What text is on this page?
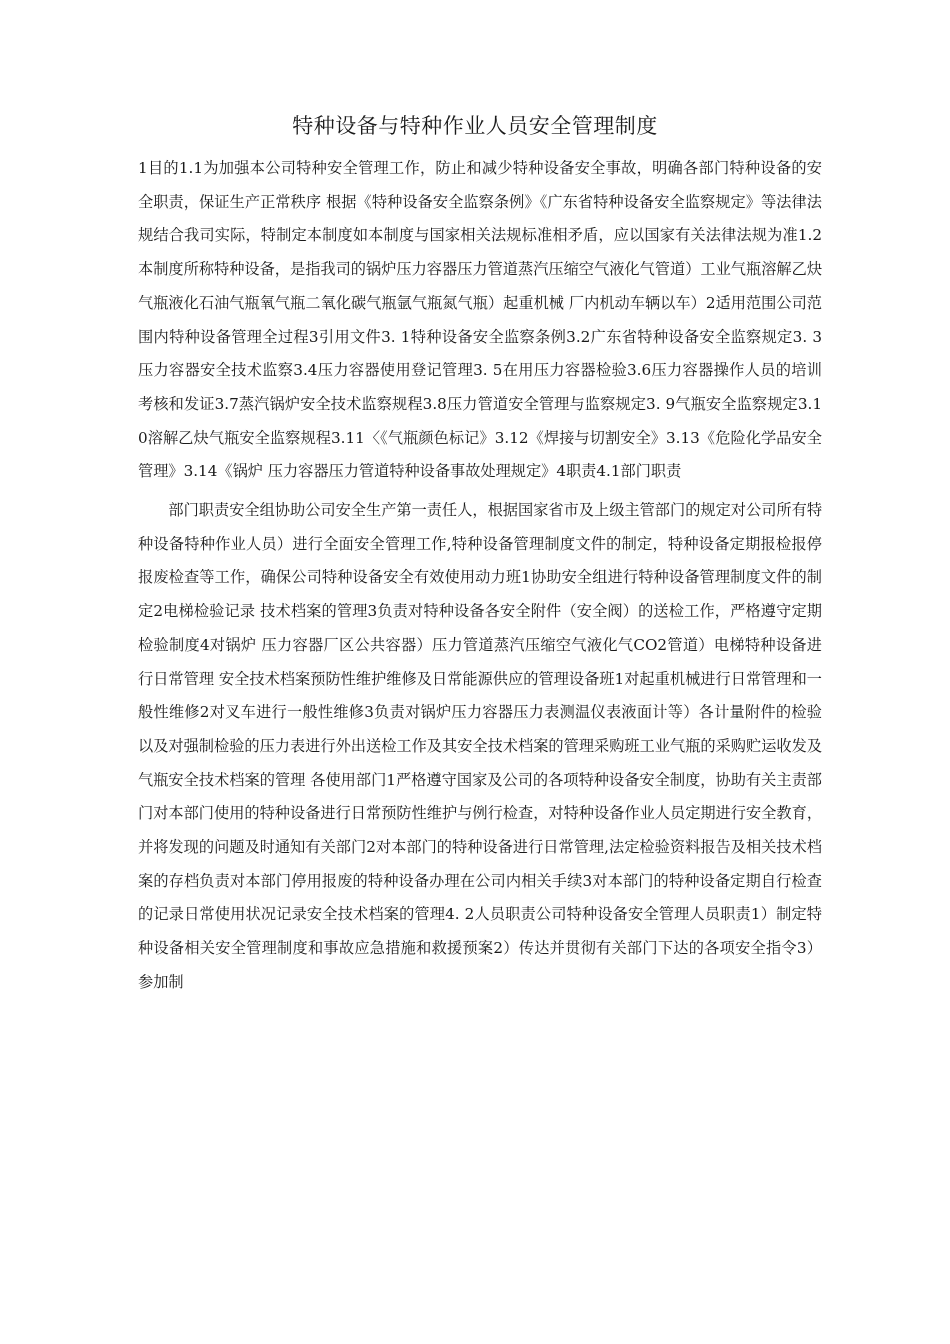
特种设备与特种作业人员安全管理制度

1目的1.1为加强本公司特种安全管理工作，防止和减少特种设备安全事故，明确各部门特种设备的安全职责，保证生产正常秩序 根据《特种设备安全监察条例》《广东省特种设备安全监察规定》等法律法规结合我司实际，特制定本制度如本制度与国家相关法规标准相矛盾，应以国家有关法律法规为准1.2本制度所称特种设备，是指我司的锅炉压力容器压力管道蒸汽压缩空气液化气管道）工业气瓶溶解乙炔气瓶液化石油气瓶氧气瓶二氧化碳气瓶氩气瓶氮气瓶）起重机械 厂内机动车辆以车）2适用范围公司范围内特种设备管理全过程3引用文件3. 1特种设备安全监察条例3.2广东省特种设备安全监察规定3. 3压力容器安全技术监察3.4压力容器使用登记管理3. 5在用压力容器检验3.6压力容器操作人员的培训考核和发证3.7蒸汽锅炉安全技术监察规程3.8压力管道安全管理与监察规定3. 9气瓶安全监察规定3.10溶解乙炔气瓶安全监察规程3.11〈《气瓶颜色标记》3.12《焊接与切割安全》3.13《危险化学品安全管理》3.14《锅炉 压力容器压力管道特种设备事故处理规定》4职责4.1部门职责

部门职责安全组协助公司安全生产第一责任人，根据国家省市及上级主管部门的规定对公司所有特种设备特种作业人员）进行全面安全管理工作,特种设备管理制度文件的制定，特种设备定期报检报停报废检查等工作，确保公司特种设备安全有效使用动力班1协助安全组进行特种设备管理制度文件的制定2电梯检验记录 技术档案的管理3负责对特种设备各安全附件（安全阀）的送检工作，严格遵守定期检验制度4对锅炉 压力容器厂区公共容器）压力管道蒸汽压缩空气液化气CO2管道）电梯特种设备进行日常管理 安全技术档案预防性维护维修及日常能源供应的管理设备班1对起重机械进行日常管理和一般性维修2对叉车进行一般性维修3负责对锅炉压力容器压力表测温仪表液面计等）各计量附件的检验以及对强制检验的压力表进行外出送检工作及其安全技术档案的管理采购班工业气瓶的采购贮运收发及气瓶安全技术档案的管理 各使用部门1严格遵守国家及公司的各项特种设备安全制度，协助有关主责部门对本部门使用的特种设备进行日常预防性维护与例行检查，对特种设备作业人员定期进行安全教育，并将发现的问题及时通知有关部门2对本部门的特种设备进行日常管理,法定检验资料报告及相关技术档案的存档负责对本部门停用报废的特种设备办理在公司内相关手续3对本部门的特种设备定期自行检查的记录日常使用状况记录安全技术档案的管理4. 2人员职责公司特种设备安全管理人员职责1）制定特种设备相关安全管理制度和事故应急措施和救援预案2）传达并贯彻有关部门下达的各项安全指令3）参加制
